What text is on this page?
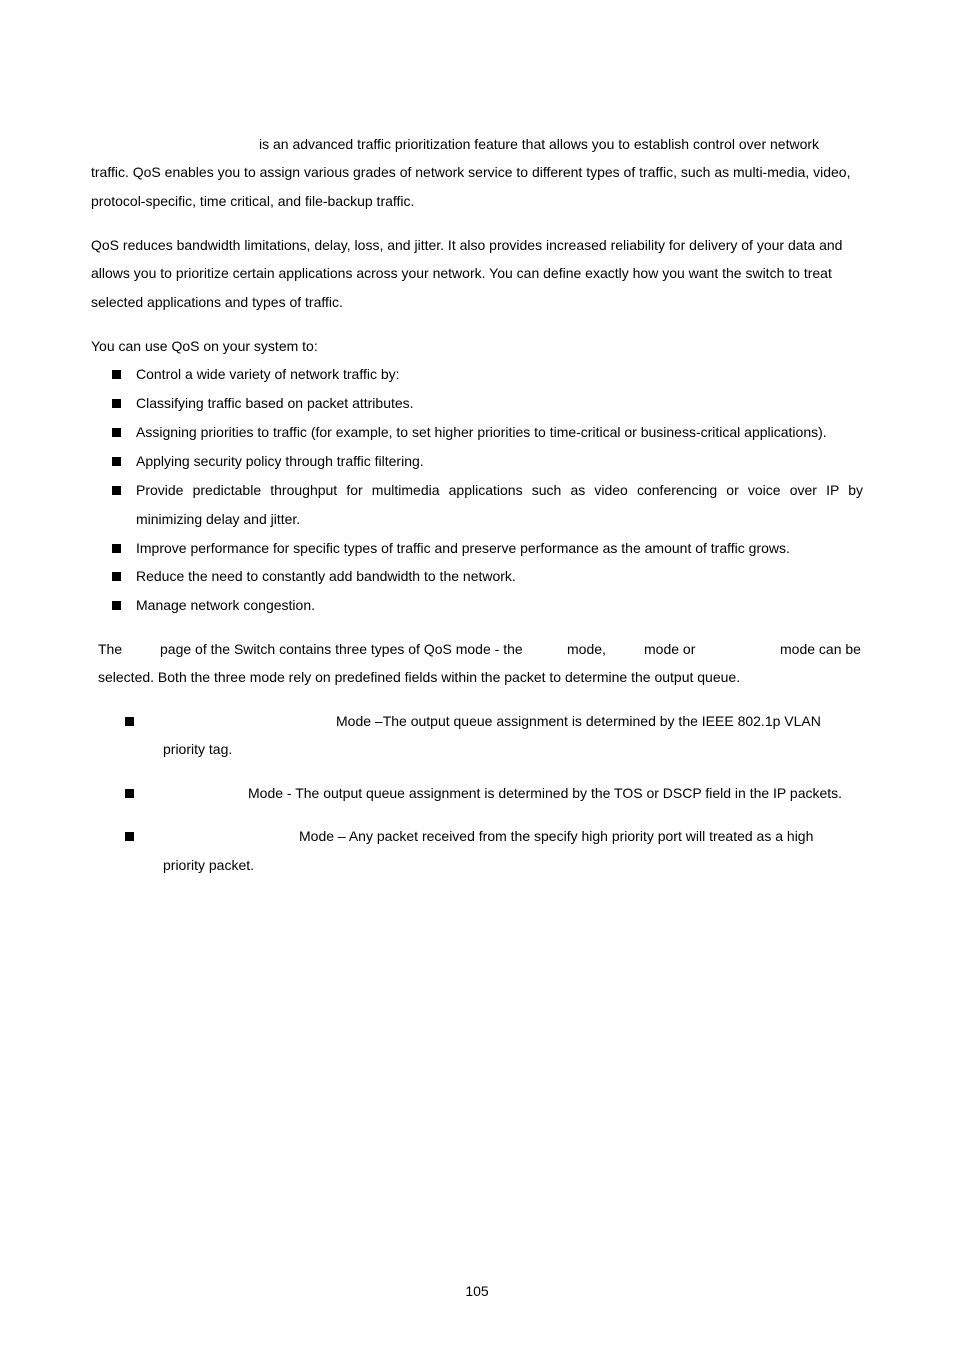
is an advanced traffic prioritization feature that allows you to establish control over network
traffic. QoS enables you to assign various grades of network service to different types of traffic, such as multi-media, video,
protocol-specific, time critical, and file-backup traffic.
QoS reduces bandwidth limitations, delay, loss, and jitter. It also provides increased reliability for delivery of your data and
allows you to prioritize certain applications across your network. You can define exactly how you want the switch to treat
selected applications and types of traffic.
You can use QoS on your system to:
Control a wide variety of network traffic by:
Classifying traffic based on packet attributes.
Assigning priorities to traffic (for example, to set higher priorities to time-critical or business-critical applications).
Applying security policy through traffic filtering.
Provide predictable throughput for multimedia applications such as video conferencing or voice over IP by
minimizing delay and jitter.
Improve performance for specific types of traffic and preserve performance as the amount of traffic grows.
Reduce the need to constantly add bandwidth to the network.
Manage network congestion.
The	page of the Switch contains three types of QoS mode - the	mode,	mode or	mode can be
selected. Both the three mode rely on predefined fields within the packet to determine the output queue.
Mode –The output queue assignment is determined by the IEEE 802.1p VLAN
priority tag.
Mode - The output queue assignment is determined by the TOS or DSCP field in the IP packets.
Mode – Any packet received from the specify high priority port will treated as a high
priority packet.
105
